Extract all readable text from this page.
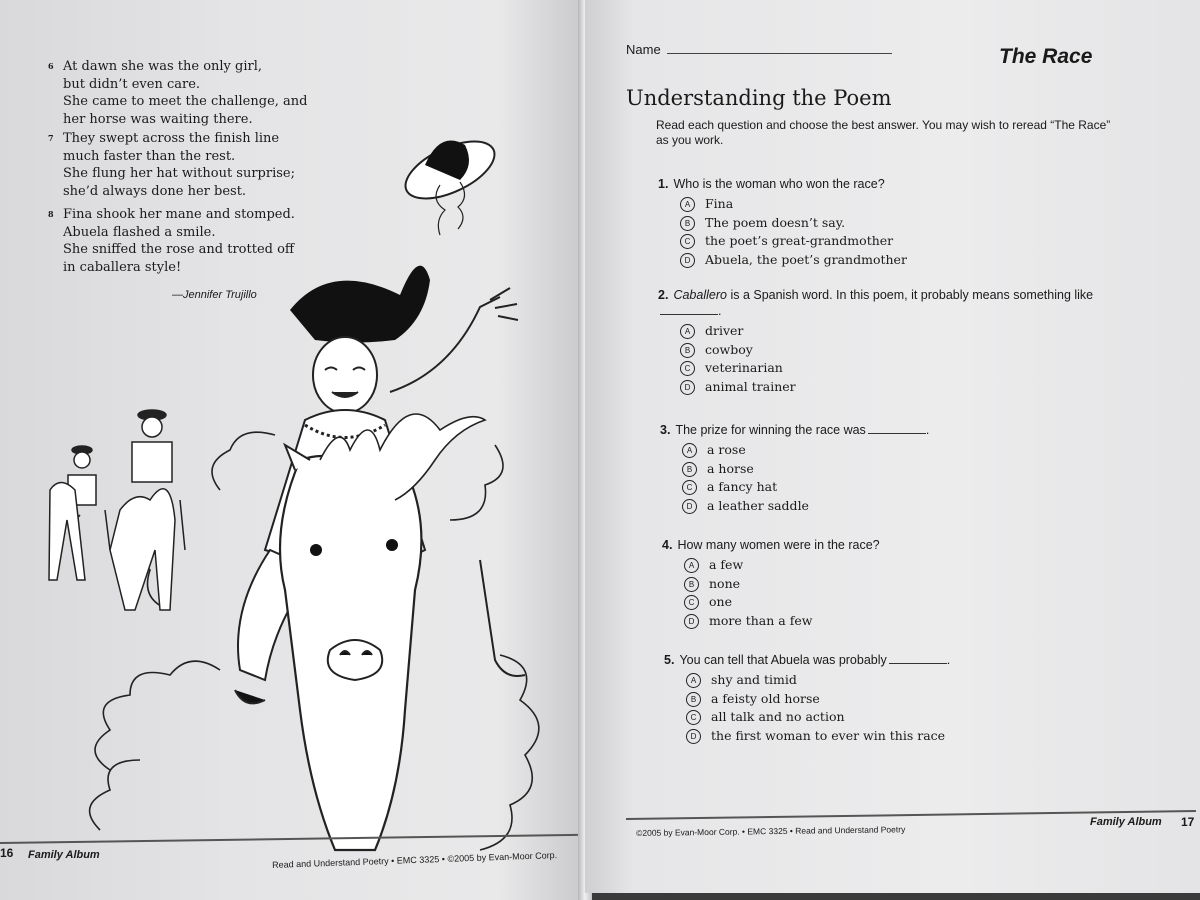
6 At dawn she was the only girl,
but didn’t even care.
She came to meet the challenge, and
her horse was waiting there.
7 They swept across the finish line
much faster than the rest.
She flung her hat without surprise;
she’d always done her best.
8 Fina shook her mane and stomped.
Abuela flashed a smile.
She sniffed the rose and trotted off
in caballera style!
—Jennifer Trujillo
16 Family Album	Read and Understand Poetry • EMC 3325 • ©2005 by Evan-Moor Corp.
Name	The Race
Understanding the Poem
Read each question and choose the best answer. You may wish to reread “The Race” as you work.
1. Who is the woman who won the race?
A Fina
B The poem doesn’t say.
C the poet’s great-grandmother
D Abuela, the poet’s grandmother
2. Caballero is a Spanish word. In this poem, it probably means something like.
A driver
B cowboy
C veterinarian
D animal trainer
3. The prize for winning the race was	.
A a rose
B a horse
C a fancy hat
D a leather saddle
4. How many women were in the race?
A a few
B none
C one
D more than a few
5. You can tell that Abuela was probably	.
A shy and timid
B a feisty old horse
C all talk and no action
D the first woman to ever win this race
©2005 by Evan-Moor Corp. • EMC 3325 • Read and Understand Poetry
Family Album 17
